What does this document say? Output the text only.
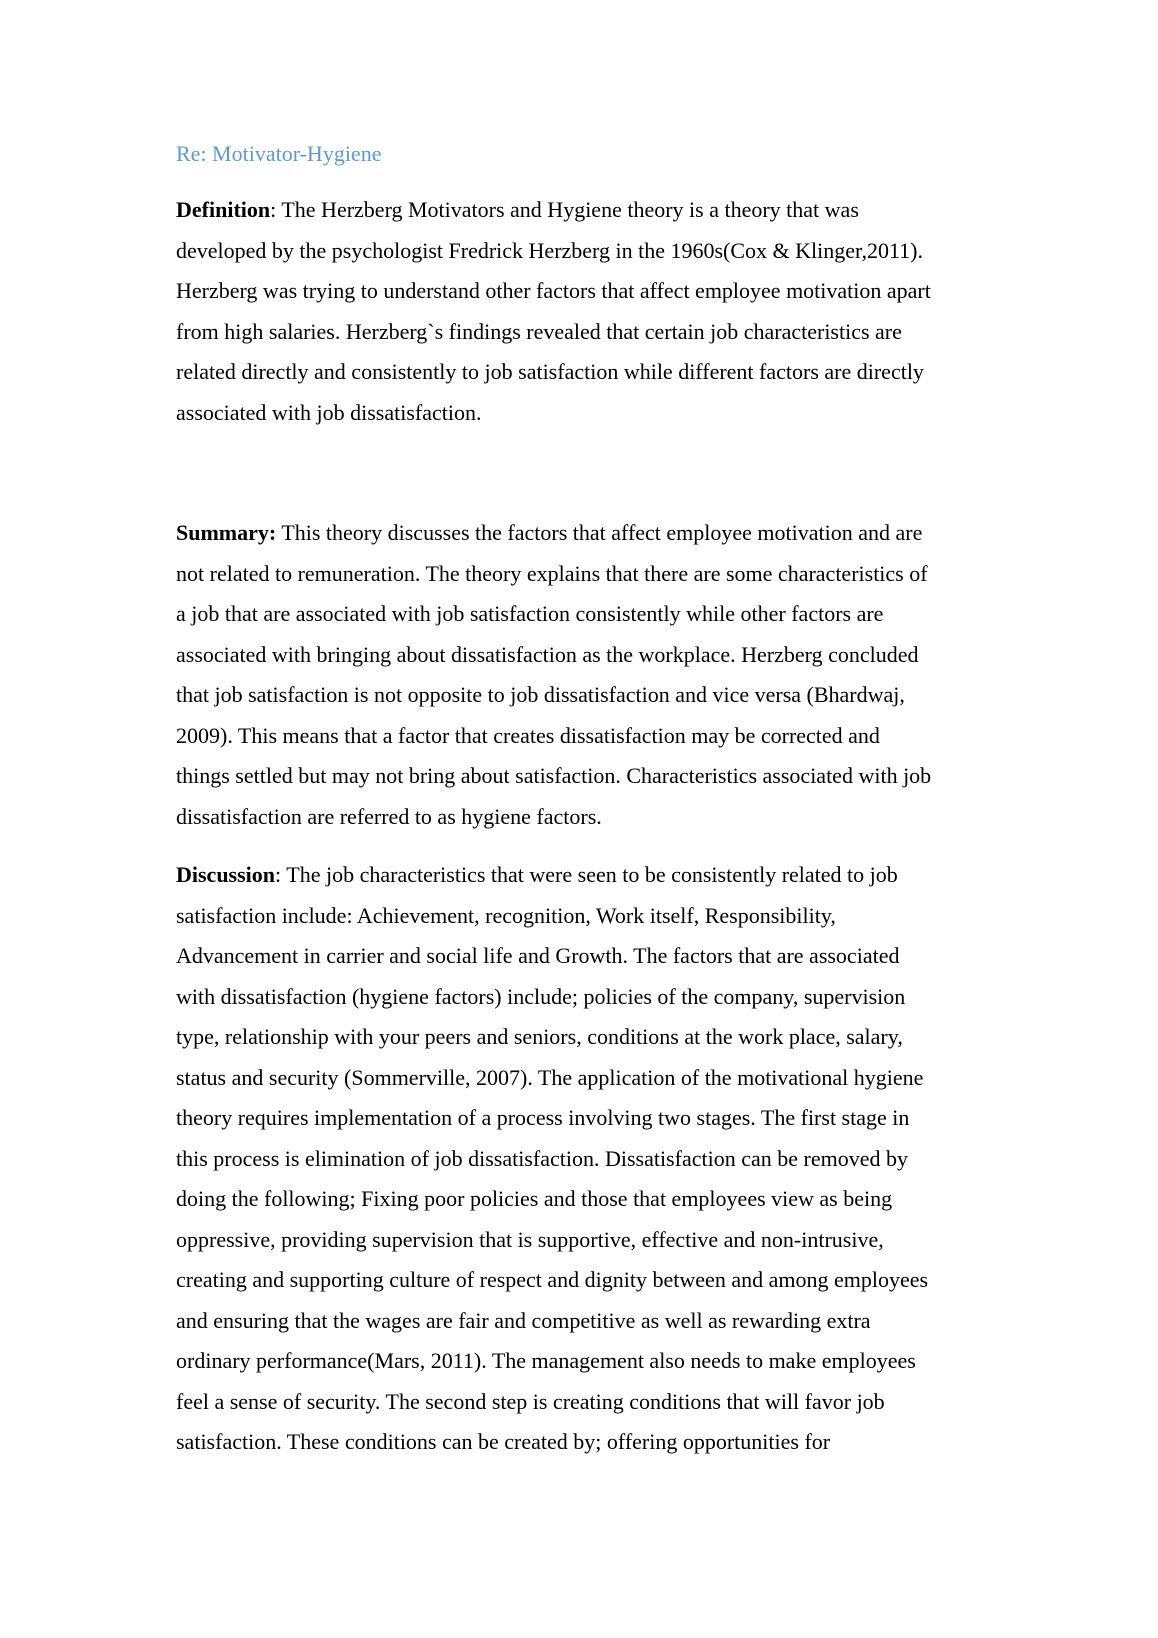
Re: Motivator-Hygiene
Definition: The Herzberg Motivators and Hygiene theory is a theory that was
developed by the psychologist Fredrick Herzberg in the 1960s(Cox & Klinger,2011).
Herzberg was trying to understand other factors that affect employee motivation apart
from high salaries. Herzberg`s findings revealed that certain job characteristics are
related directly and consistently to job satisfaction while different factors are directly
associated with job dissatisfaction.
Summary: This theory discusses the factors that affect employee motivation and are
not related to remuneration. The theory explains that there are some characteristics of
a job that are associated with job satisfaction consistently while other factors are
associated with bringing about dissatisfaction as the workplace. Herzberg concluded
that job satisfaction is not opposite to job dissatisfaction and vice versa (Bhardwaj,
2009). This means that a factor that creates dissatisfaction may be corrected and
things settled but may not bring about satisfaction. Characteristics associated with job
dissatisfaction are referred to as hygiene factors.
Discussion: The job characteristics that were seen to be consistently related to job
satisfaction include: Achievement, recognition, Work itself, Responsibility,
Advancement in carrier and social life and Growth. The factors that are associated
with dissatisfaction (hygiene factors) include; policies of the company, supervision
type, relationship with your peers and seniors, conditions at the work place, salary,
status and security (Sommerville, 2007). The application of the motivational hygiene
theory requires implementation of a process involving two stages. The first stage in
this process is elimination of job dissatisfaction. Dissatisfaction can be removed by
doing the following; Fixing poor policies and those that employees view as being
oppressive, providing supervision that is supportive, effective and non-intrusive,
creating and supporting culture of respect and dignity between and among employees
and ensuring that the wages are fair and competitive as well as rewarding extra
ordinary performance(Mars, 2011). The management also needs to make employees
feel a sense of security. The second step is creating conditions that will favor job
satisfaction. These conditions can be created by; offering opportunities for
